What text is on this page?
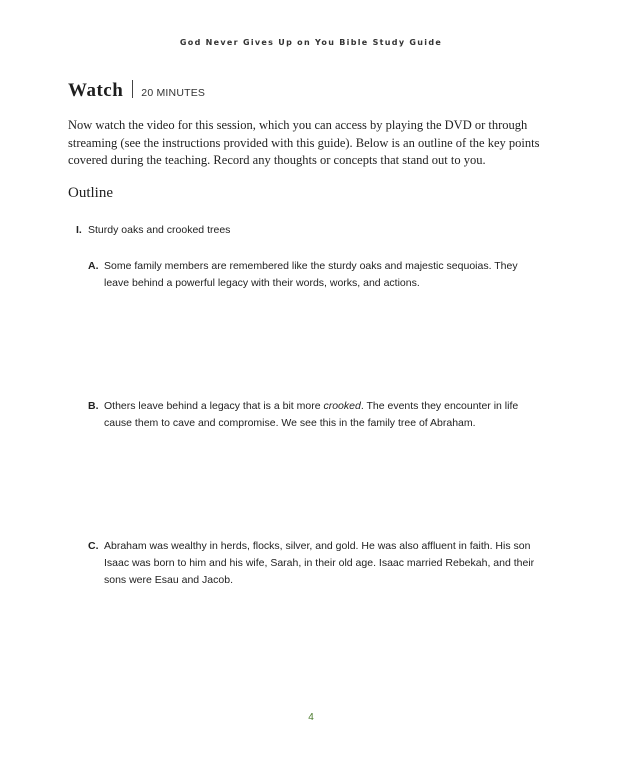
God Never Gives Up on You Bible Study Guide
Watch 20 MINUTES

Now watch the video for this session, which you can access by playing the DVD or through streaming (see the instructions provided with this guide). Below is an outline of the key points covered during the teaching. Record any thoughts or concepts that stand out to you.

Outline
I. Sturdy oaks and crooked trees
A. Some family members are remembered like the sturdy oaks and majestic sequoias. They leave behind a powerful legacy with their words, works, and actions.
B. Others leave behind a legacy that is a bit more crooked. The events they encounter in life cause them to cave and compromise. We see this in the family tree of Abraham.
C. Abraham was wealthy in herds, flocks, silver, and gold. He was also affluent in faith. His son Isaac was born to him and his wife, Sarah, in their old age. Isaac married Rebekah, and their sons were Esau and Jacob.
4
